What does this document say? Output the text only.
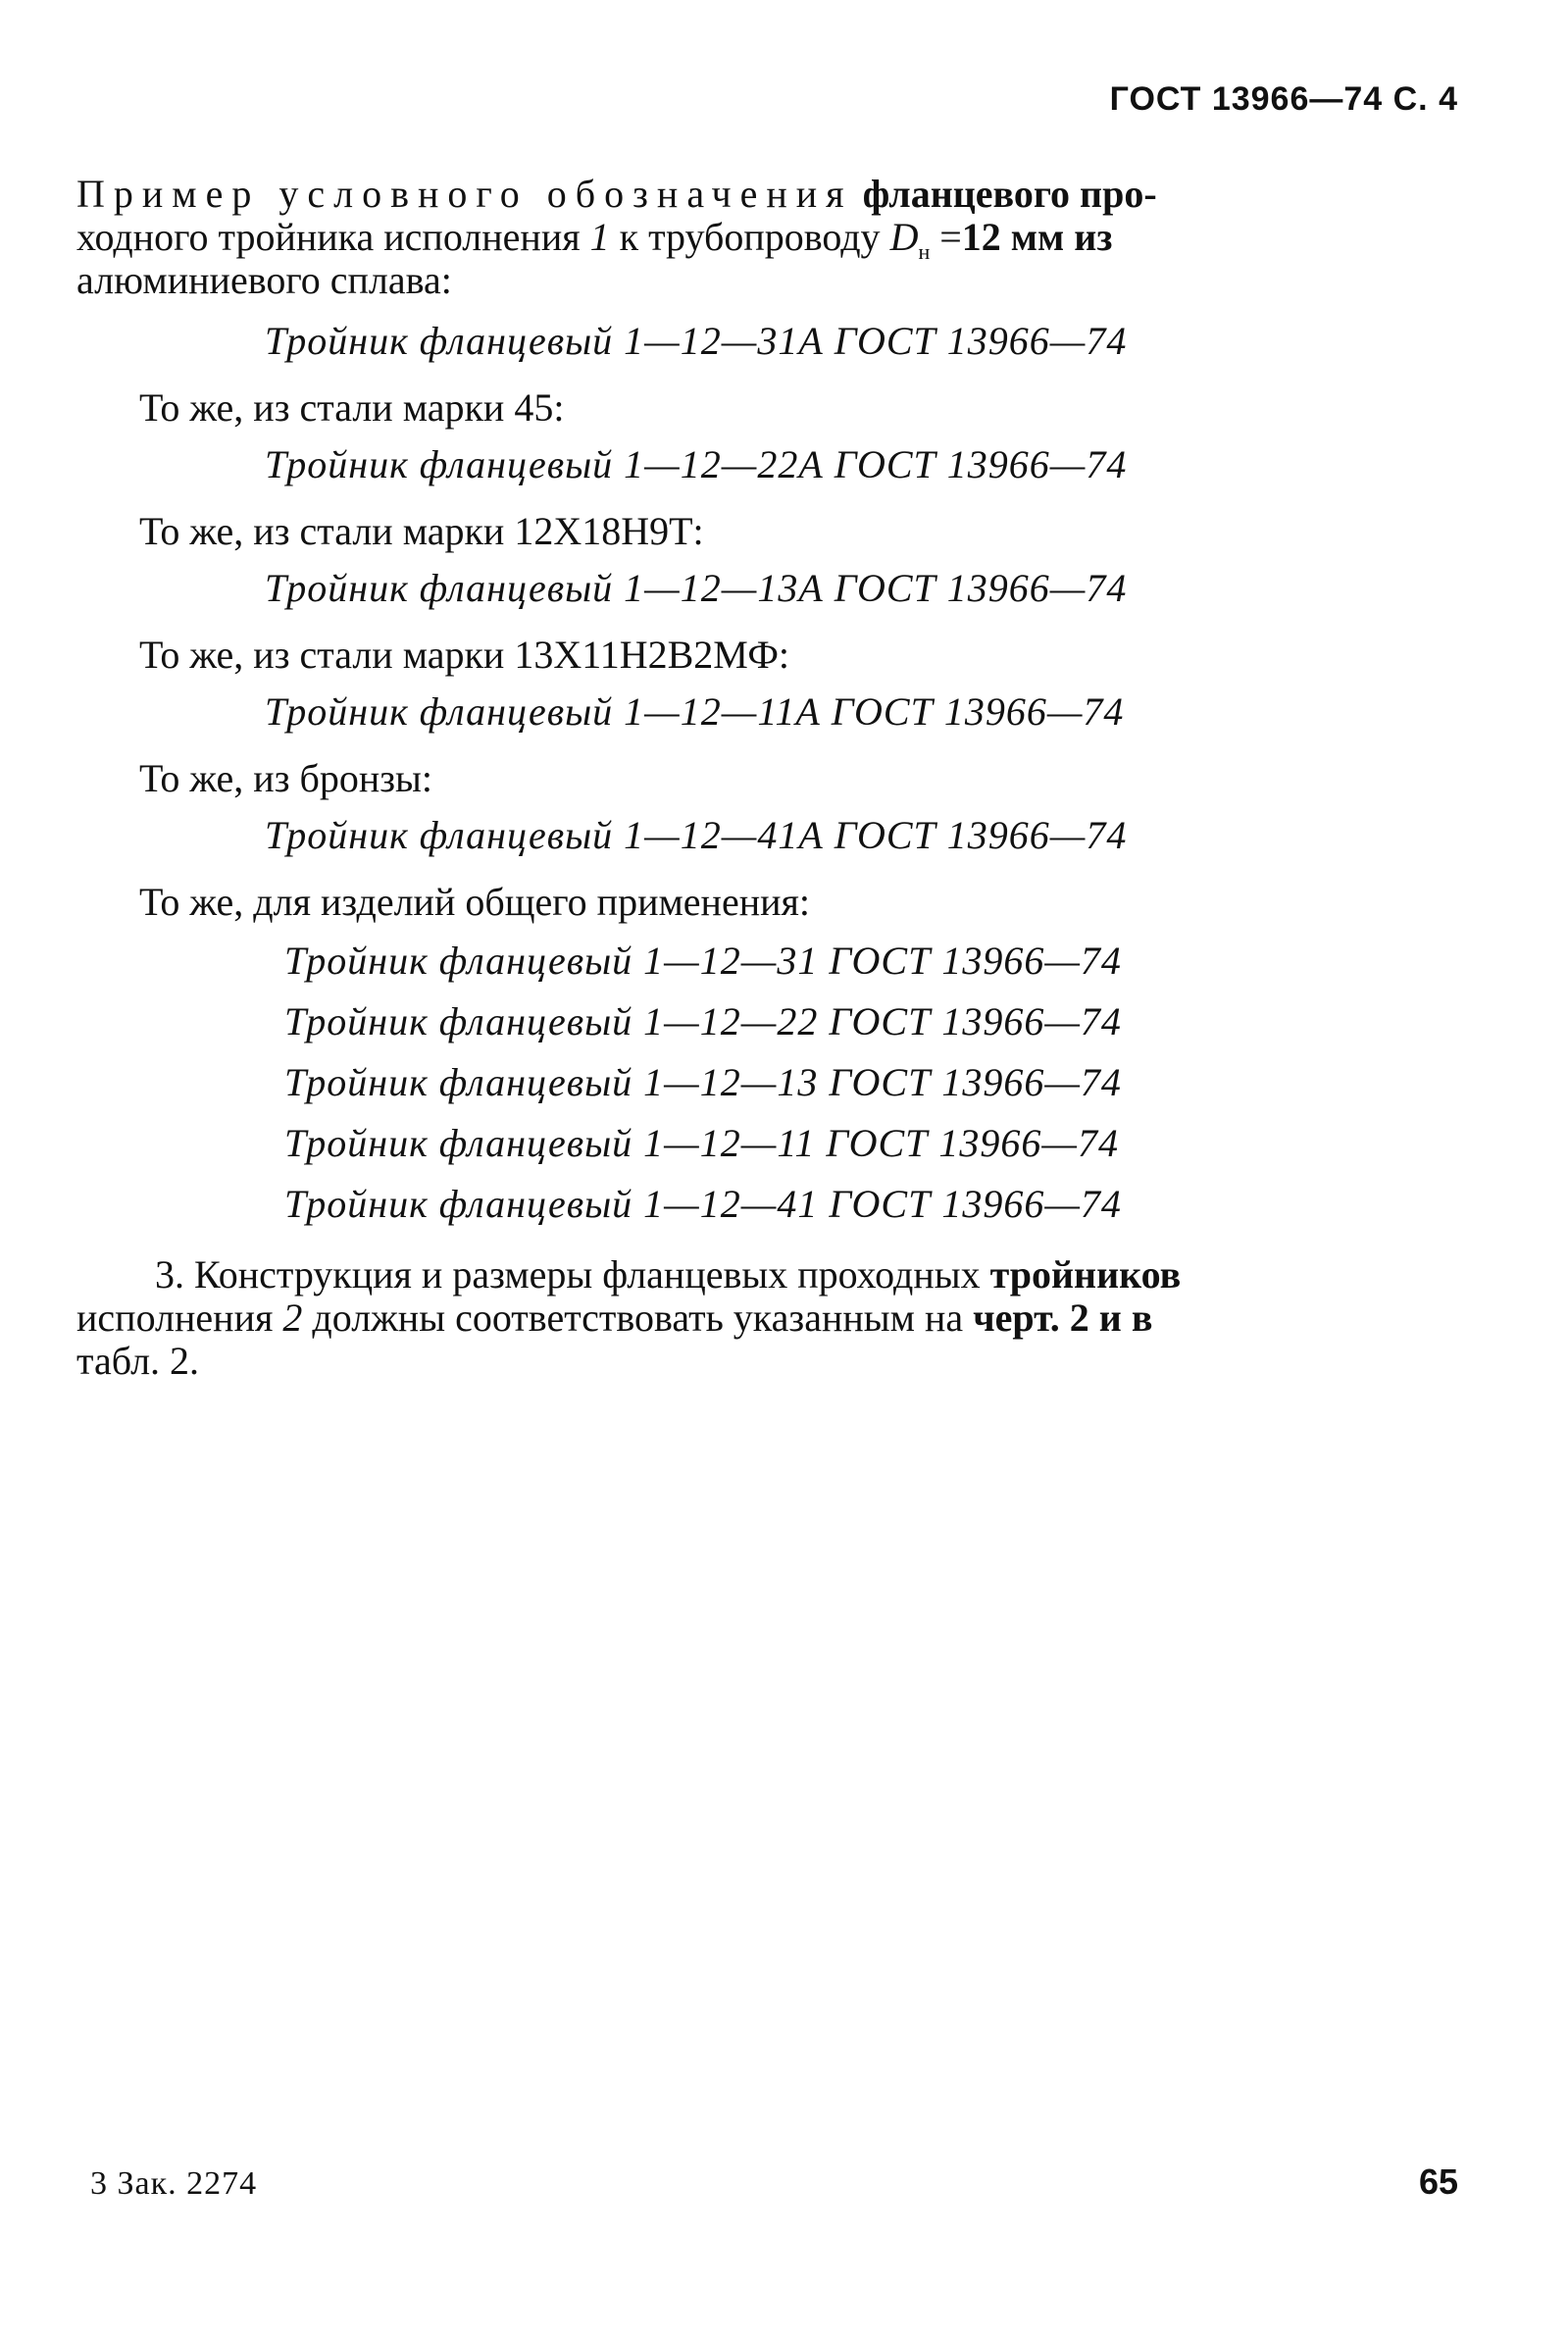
ГОСТ 13966—74 С. 4
Пример условного обозначения фланцевого про-
ходного тройника исполнения 1 к трубопроводу $D_н =12$ мм из
алюминиевого сплава:
Тройник фланцевый 1—12—31А ГОСТ 13966—74
То же, из стали марки 45:
Тройник фланцевый 1—12—22А ГОСТ 13966—74
То же, из стали марки 12Х18Н9Т:
Тройник фланцевый 1—12—13А ГОСТ 13966—74
То же, из стали марки 13Х11Н2В2МФ:
Тройник фланцевый 1—12—11А ГОСТ 13966—74
То же, из бронзы:
Тройник фланцевый 1—12—41А ГОСТ 13966—74
То же, для изделий общего применения:
Тройник фланцевый 1—12—31 ГОСТ 13966—74
Тройник фланцевый 1—12—22 ГОСТ 13966—74
Тройник фланцевый 1—12—13 ГОСТ 13966—74
Тройник фланцевый 1—12—11 ГОСТ 13966—74
Тройник фланцевый 1—12—41 ГОСТ 13966—74
3. Конструкция и размеры фланцевых проходных тройников
исполнения 2 должны соответствовать указанным на черт. 2 и в
табл. 2.
3 Зак. 2274	65
